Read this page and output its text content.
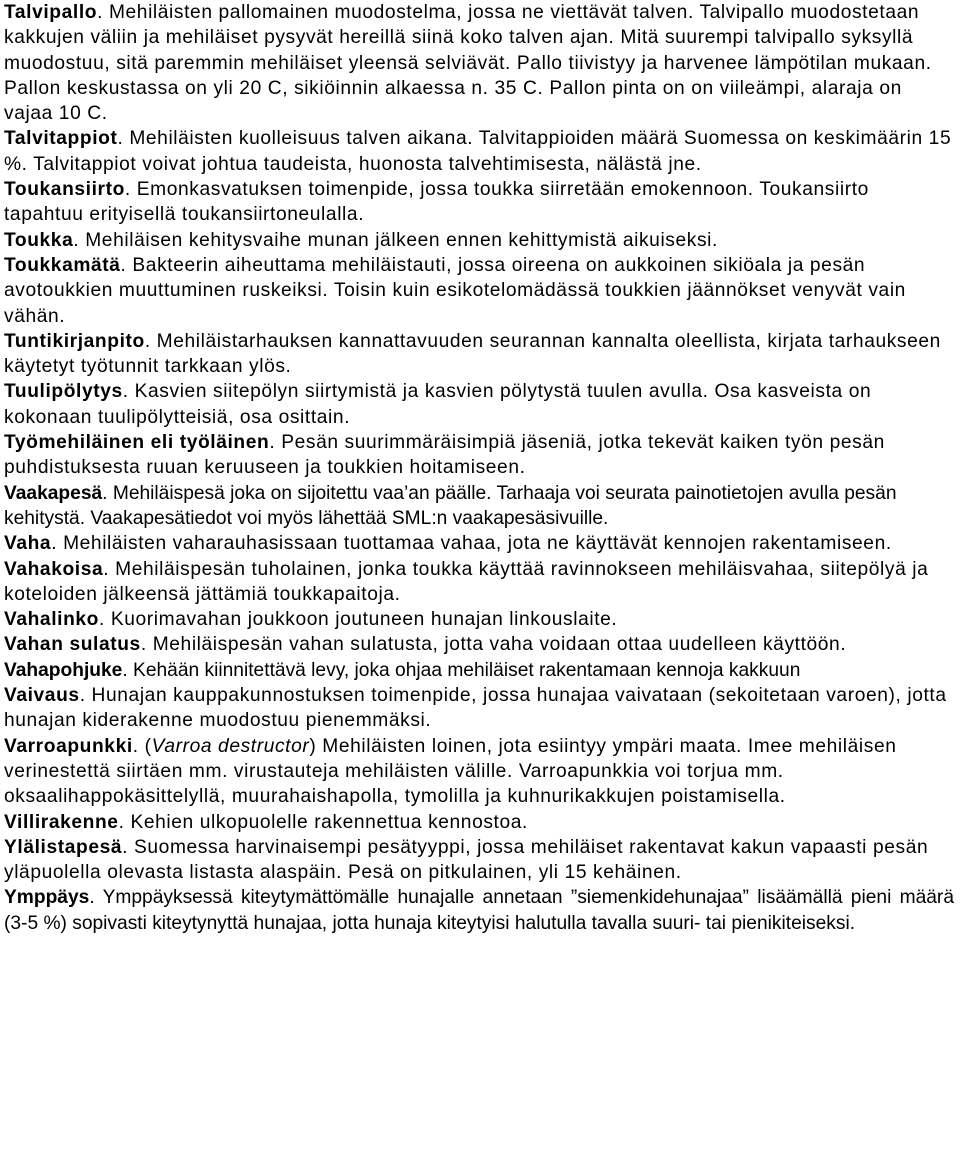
Talvipallo. Mehiläisten pallomainen muodostelma, jossa ne viettävät talven. Talvipallo muodostetaan kakkujen väliin ja mehiläiset pysyvät hereillä siinä koko talven ajan. Mitä suurempi talvipallo syksyllä muodostuu, sitä paremmin mehiläiset yleensä selviävät. Pallo tiivistyy ja harvenee lämpötilan mukaan. Pallon keskustassa on yli 20 C, sikiöinnin alkaessa n. 35 C. Pallon pinta on on viileämpi, alaraja on vajaa 10 C.

Talvitappiot. Mehiläisten kuolleisuus talven aikana. Talvitappioiden määrä Suomessa on keskimäärin 15 %. Talvitappiot voivat johtua taudeista, huonosta talvehtimisesta, nälästä jne.

Toukansiirto. Emonkasvatuksen toimenpide, jossa toukka siirretään emokennoon. Toukansiirto tapahtuu erityisellä toukansiirtoneulalla.

Toukka. Mehiläisen kehitysvaihe munan jälkeen ennen kehittymistä aikuiseksi.

Toukkamätä. Bakteerin aiheuttama mehiläistauti, jossa oireena on aukkoinen sikiöala ja pesän avotoukkien muuttuminen ruskeiksi. Toisin kuin esikotelomädässä toukkien jäännökset venyvät vain vähän.

Tuntikirjanpito. Mehiläistarhauksen kannattavuuden seurannan kannalta oleellista, kirjata tarhaukseen käytetyt työtunnit tarkkaan ylös.

Tuulipölytys. Kasvien siitepölyn siirtymistä ja kasvien pölytystä tuulen avulla. Osa kasveista on kokonaan tuulipölytteisiä, osa osittain.

Työmehiläinen eli työläinen. Pesän suurimmäräisimpiä jäseniä, jotka tekevät kaiken työn pesän puhdistuksesta ruuan keruuseen ja toukkien hoitamiseen.

Vaakapesä. Mehiläispesä joka on sijoitettu vaa’an päälle. Tarhaaja voi seurata painotietojen avulla pesän kehitystä. Vaakapesätiedot voi myös lähettää SML:n vaakapesäsivuille.

Vaha. Mehiläisten vaharauhasissaan tuottamaa vahaa, jota ne käyttävät kennojen rakentamiseen.

Vahakoisa. Mehiläispesän tuholainen, jonka toukka käyttää ravinnokseen mehiläisvahaa, siitepölyä ja koteloiden jälkeensä jättämiä toukkapaitoja.

Vahalinko. Kuorimavahan joukkoon joutuneen hunajan linkouslaite.

Vahan sulatus. Mehiläispesän vahan sulatusta, jotta vaha voidaan ottaa uudelleen käyttöön.

Vahapohjuke. Kehään kiinnitettävä levy, joka ohjaa mehiläiset rakentamaan kennoja kakkuun

Vaivaus. Hunajan kauppakunnostuksen toimenpide, jossa hunajaa vaivataan (sekoitetaan varoen), jotta hunajan kiderakenne muodostuu pienemmäksi.

Varroapunkki. (Varroa destructor) Mehiläisten loinen, jota esiintyy ympäri maata. Imee mehiläisen verinestettä siirtäen mm. virustauteja mehiläisten välille. Varroapunkkia voi torjua mm. oksaalihappokäsittelyllä, muurahaishapolla, tymolilla ja kuhnurikakkujen poistamisella.

Villirakenne. Kehien ulkopuolelle rakennettua kennostoa.

Ylälistapesä. Suomessa harvinaisempi pesätyyppi, jossa mehiläiset rakentavat kakun vapaasti pesän yläpuolella olevasta listasta alaspäin. Pesä on pitkulainen, yli 15 kehäinen.

Ymppäys. Ymppäyksessä kiteytymättömälle hunajalle annetaan ”siemenkidehunajaa” lisäämällä pieni määrä (3-5 %) sopivasti kiteytynyttä hunajaa, jotta hunaja kiteytyisi halutulla tavalla suuri- tai pienikiteiseksi.
